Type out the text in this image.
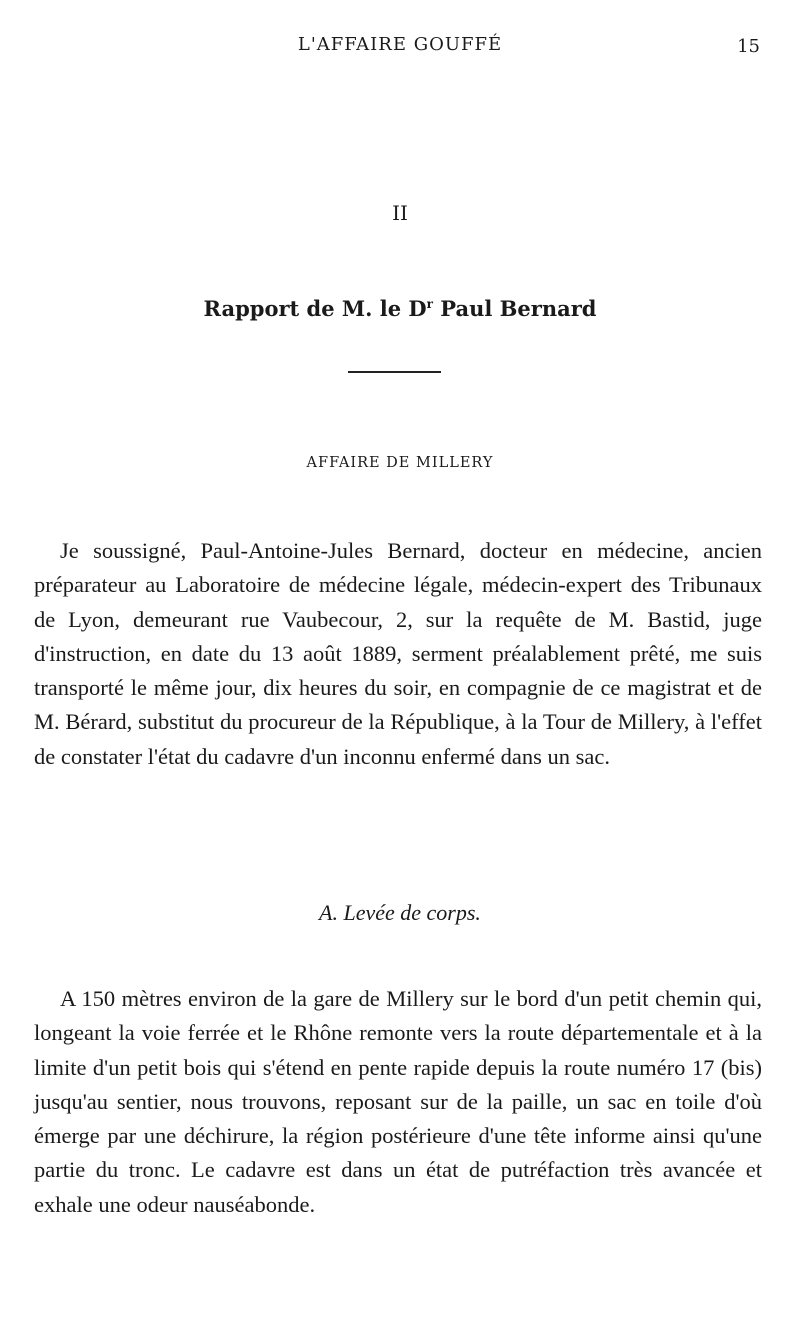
L'AFFAIRE GOUFFÉ	15
II
Rapport de M. le $D^r$ Paul Bernard
AFFAIRE DE MILLERY

Je soussigné, Paul-Antoine-Jules Bernard, docteur en médecine, ancien préparateur au Laboratoire de médecine légale, médecin-expert des Tribunaux de Lyon, demeurant rue Vaubecour, 2, sur la requête de M. Bastid, juge d'instruction, en date du 13 août 1889, serment préalablement prêté, me suis transporté le même jour, dix heures du soir, en compagnie de ce magistrat et de M. Bérard, substitut du procureur de la République, à la Tour de Millery, à l'effet de constater l'état du cadavre d'un inconnu enfermé dans un sac.

A. Levée de corps.

A 150 mètres environ de la gare de Millery sur le bord d'un petit chemin qui, longeant la voie ferrée et le Rhône remonte vers la route départementale et à la limite d'un petit bois qui s'étend en pente rapide depuis la route numéro 17 (bis) jusqu'au sentier, nous trouvons, reposant sur de la paille, un sac en toile d'où émerge par une déchirure, la région postérieure d'une tête informe ainsi qu'une partie du tronc. Le cadavre est dans un état de putréfaction très avancée et exhale une odeur nauséabonde.
